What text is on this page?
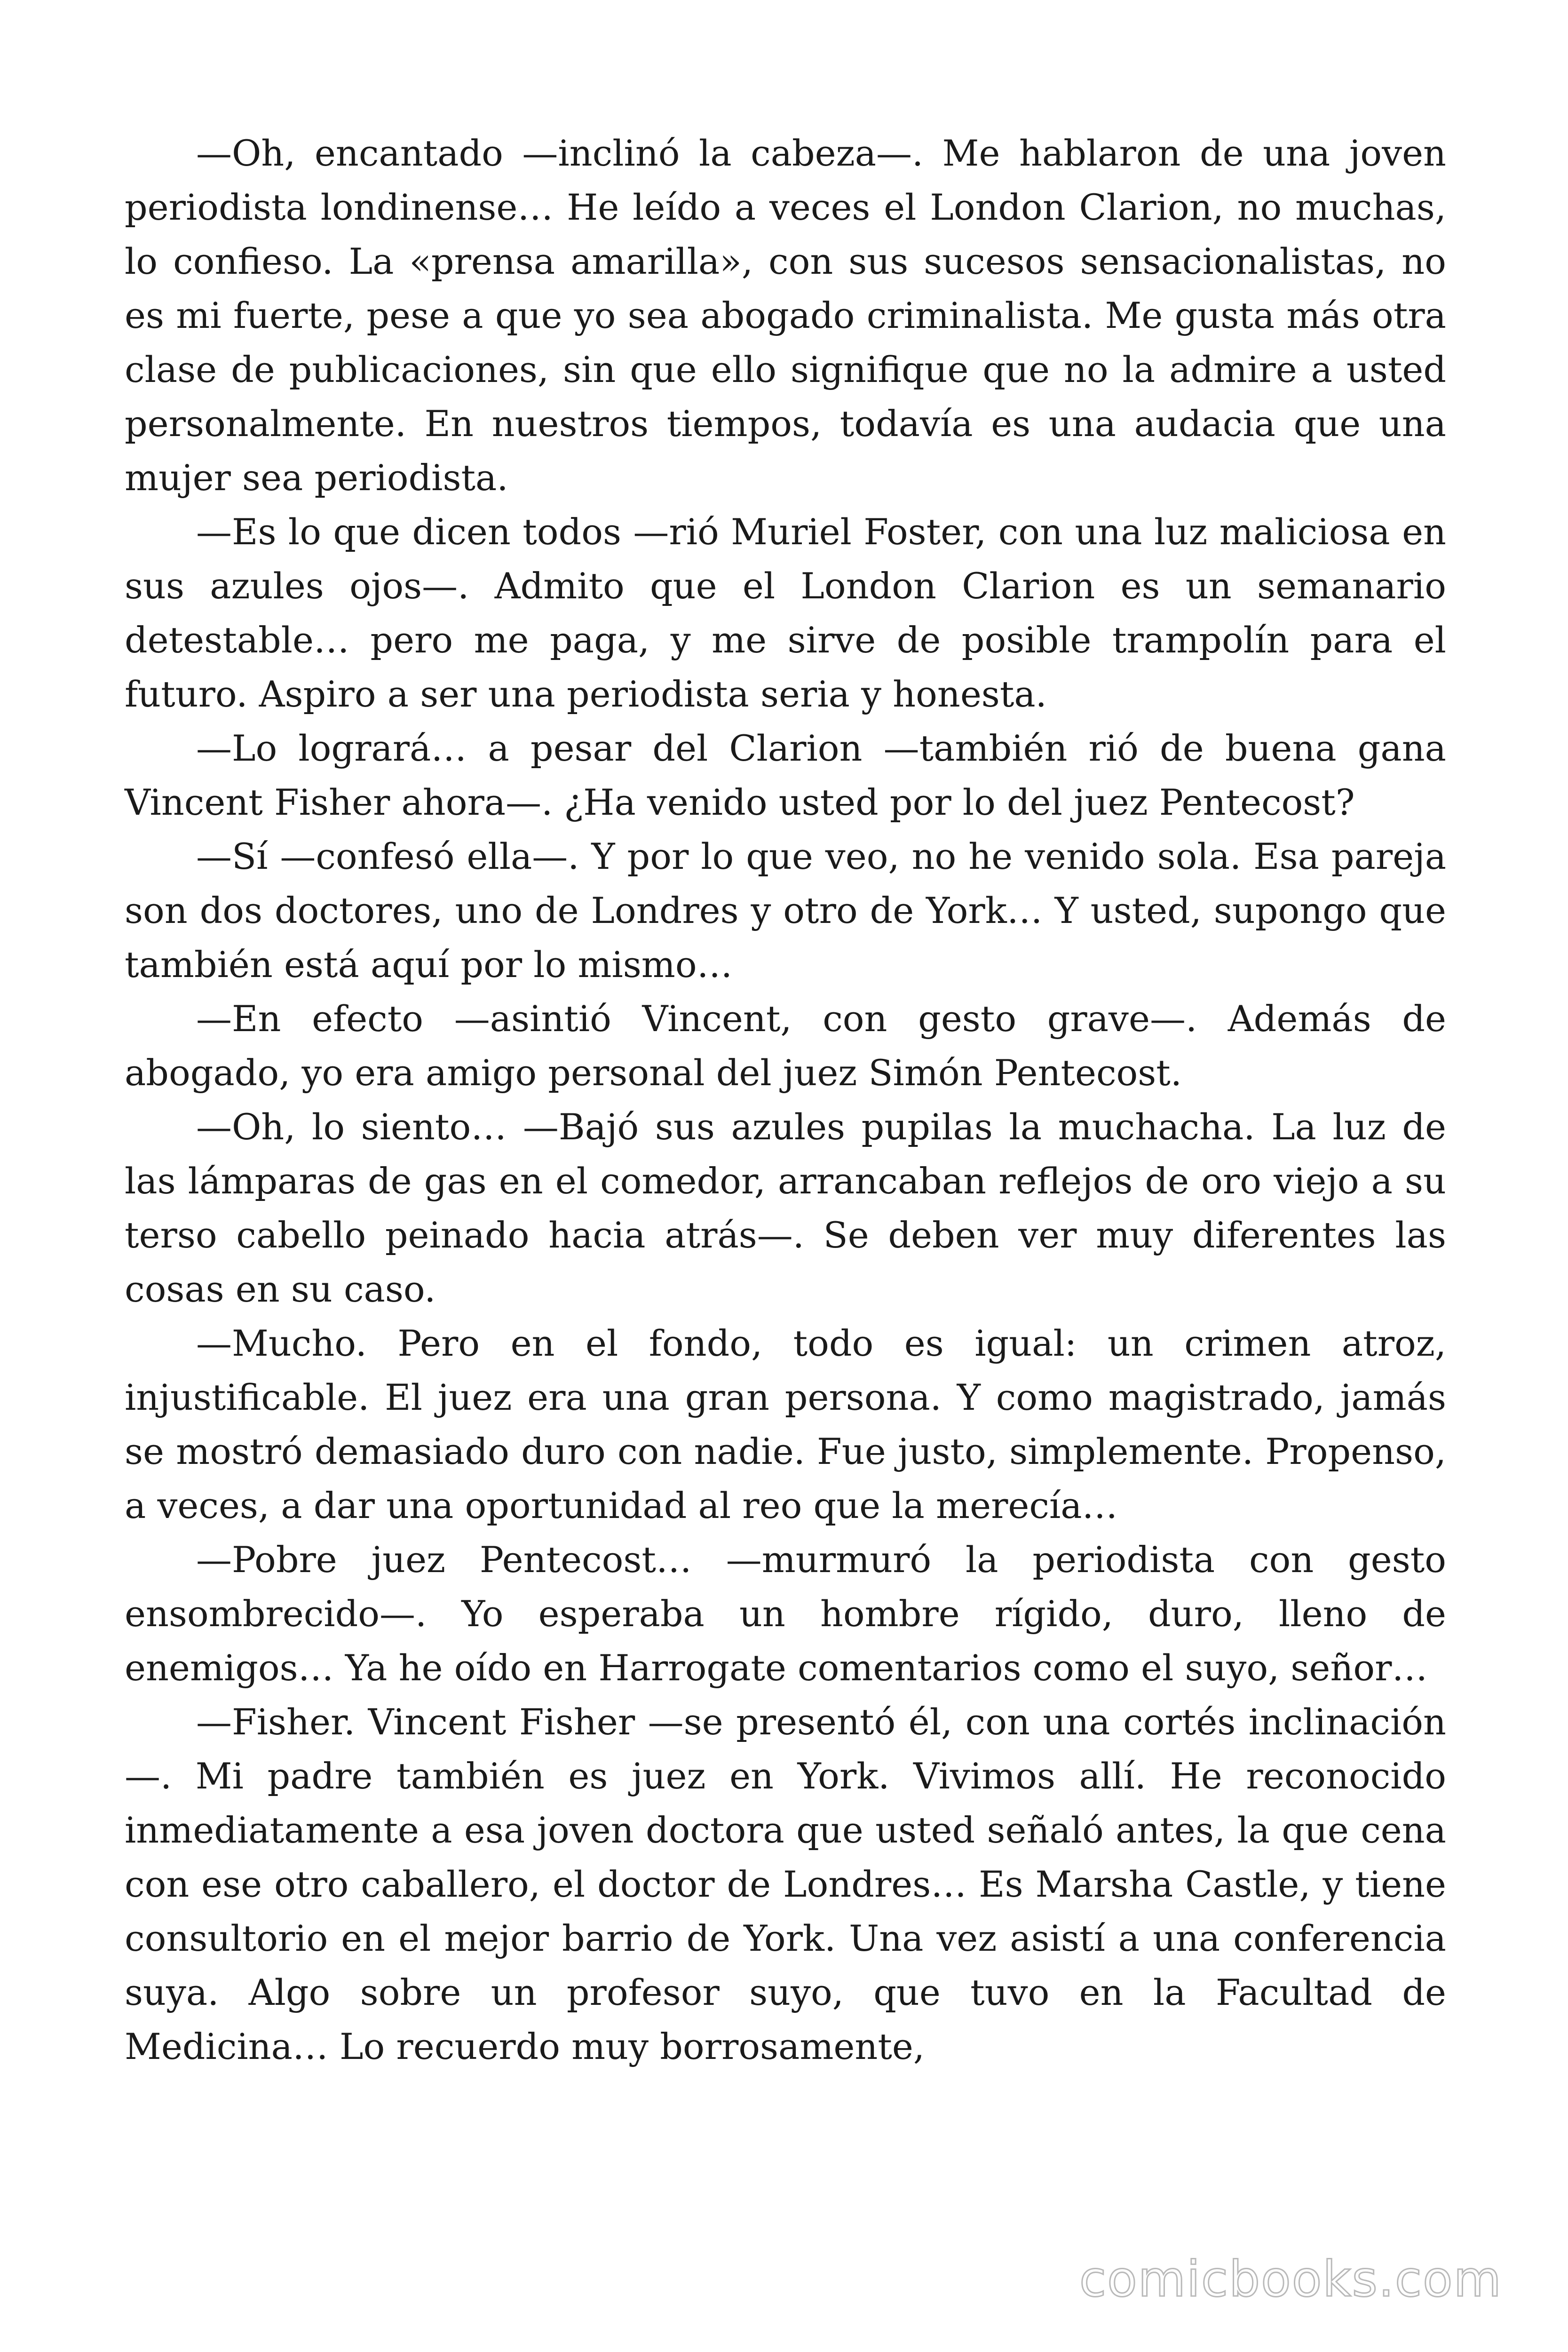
—Oh, encantado —inclinó la cabeza—. Me hablaron de una joven periodista londinense… He leído a veces el London Clarion, no muchas, lo confieso. La «prensa amarilla», con sus sucesos sensacionalistas, no es mi fuerte, pese a que yo sea abogado criminalista. Me gusta más otra clase de publicaciones, sin que ello signifique que no la admire a usted personalmente. En nuestros tiempos, todavía es una audacia que una mujer sea periodista.

—Es lo que dicen todos —rió Muriel Foster, con una luz maliciosa en sus azules ojos—. Admito que el London Clarion es un semanario detestable… pero me paga, y me sirve de posible trampolín para el futuro. Aspiro a ser una periodista seria y honesta.

—Lo logrará… a pesar del Clarion —también rió de buena gana Vincent Fisher ahora—. ¿Ha venido usted por lo del juez Pentecost?

—Sí —confesó ella—. Y por lo que veo, no he venido sola. Esa pareja son dos doctores, uno de Londres y otro de York… Y usted, supongo que también está aquí por lo mismo…

—En efecto —asintió Vincent, con gesto grave—. Además de abogado, yo era amigo personal del juez Simón Pentecost.

—Oh, lo siento… —Bajó sus azules pupilas la muchacha. La luz de las lámparas de gas en el comedor, arrancaban reflejos de oro viejo a su terso cabello peinado hacia atrás—. Se deben ver muy diferentes las cosas en su caso.

—Mucho. Pero en el fondo, todo es igual: un crimen atroz, injustificable. El juez era una gran persona. Y como magistrado, jamás se mostró demasiado duro con nadie. Fue justo, simplemente. Propenso, a veces, a dar una oportunidad al reo que la merecía…

—Pobre juez Pentecost… —murmuró la periodista con gesto ensombrecido—. Yo esperaba un hombre rígido, duro, lleno de enemigos… Ya he oído en Harrogate comentarios como el suyo, señor…

—Fisher. Vincent Fisher —se presentó él, con una cortés inclinación—. Mi padre también es juez en York. Vivimos allí. He reconocido inmediatamente a esa joven doctora que usted señaló antes, la que cena con ese otro caballero, el doctor de Londres… Es Marsha Castle, y tiene consultorio en el mejor barrio de York. Una vez asistí a una conferencia suya. Algo sobre un profesor suyo, que tuvo en la Facultad de Medicina… Lo recuerdo muy borrosamente,

comicbooks.com
